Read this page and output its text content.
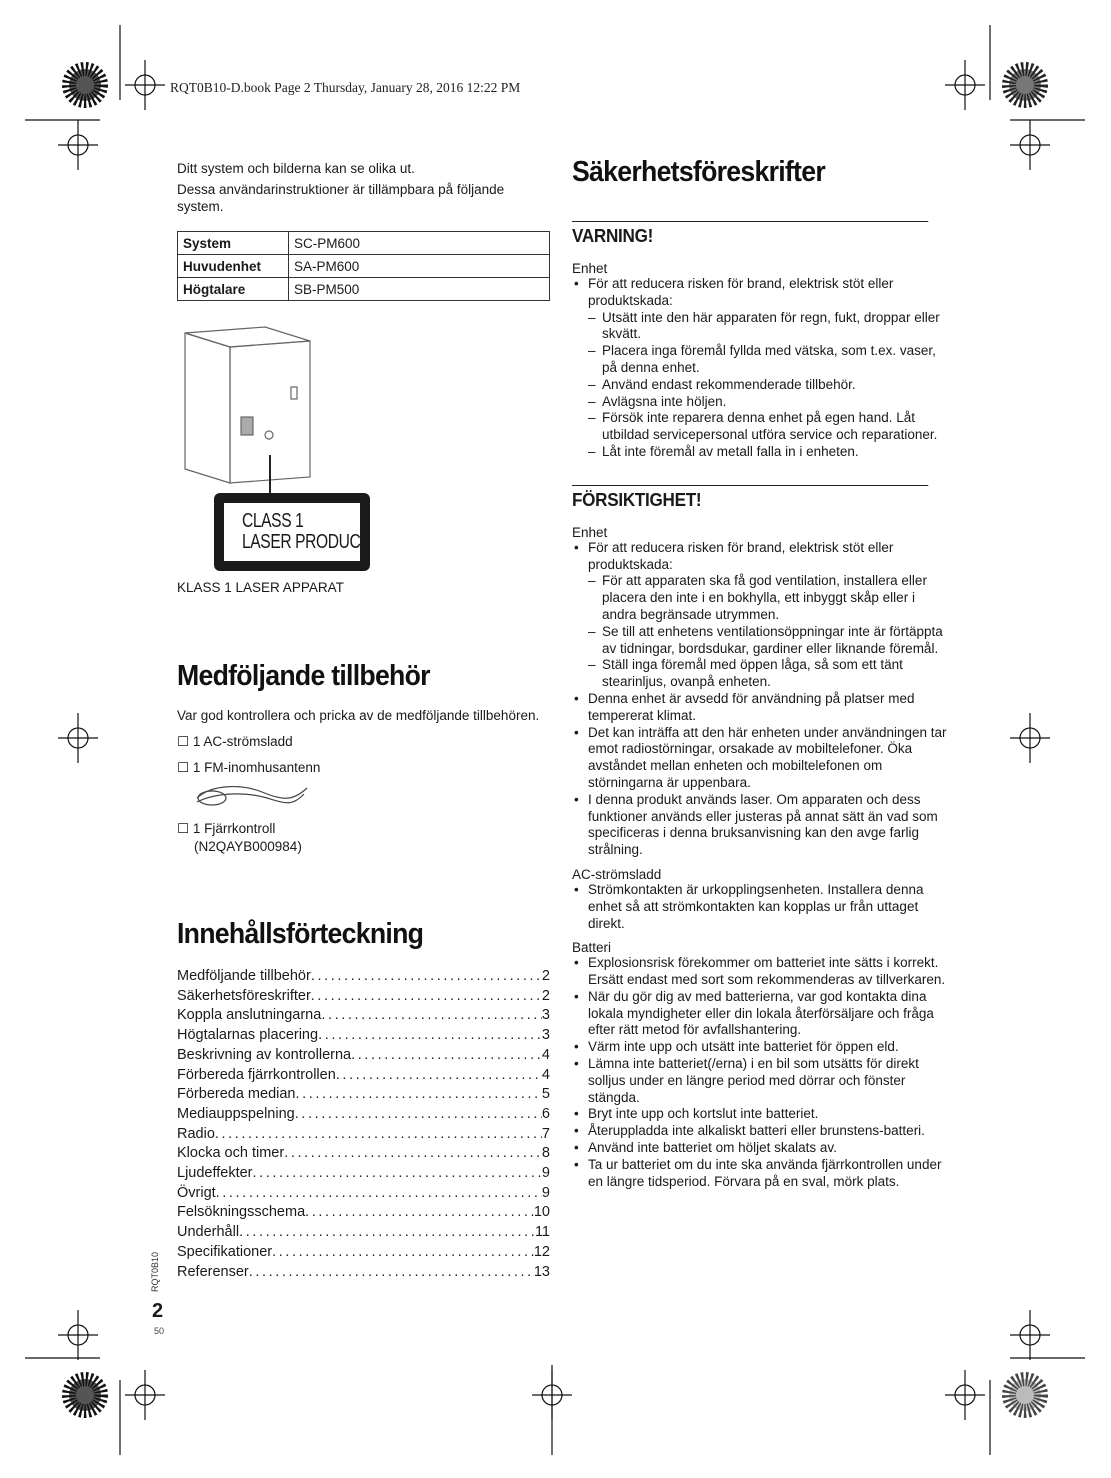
RQT0B10-D.book Page 2 Thursday, January 28, 2016 12:22 PM

Ditt system och bilderna kan se olika ut.

Dessa användarinstruktioner är tillämpbara på följande system.

System	SC-PM600
Huvudenhet	SA-PM600
Högtalare	SB-PM500
CLASS 1
LASER PRODUCT

KLASS 1 LASER APPARAT

Medföljande tillbehör

Var god kontrollera och pricka av de medföljande tillbehören.

☐ 1 AC-strömsladd

☐ 1 FM-inomhusantenn

☐ 1 Fjärrkontroll

(N2QAYB000984)

Innehållsförteckning
Medföljande tillbehör .....	2
Säkerhetsföreskrifter .....	2
Koppla anslutningarna .....	3
Högtalarnas placering .....	3
Beskrivning av kontrollerna .....	4
Förbereda fjärrkontrollen .....	4
Förbereda median .....	5
Mediauppspelning .....	6
Radio .....	7
Klocka och timer .....	8
Ljudeffekter .....	9
Övrigt .....	9
Felsökningsschema .....	10
Underhåll .....	11
Specifikationer .....	12
Referenser .....	13
RQT0B10
2
50
Säkerhetsföreskrifter
VARNING!

Enhet

• För att reducera risken för brand, elektrisk stöt eller produktskada:

– Utsätt inte den här apparaten för regn, fukt, droppar eller skvätt.

– Placera inga föremål fyllda med vätska, som t.ex. vaser, på denna enhet.

– Använd endast rekommenderade tillbehör.

– Avlägsna inte höljen.

– Försök inte reparera denna enhet på egen hand. Låt utbildad servicepersonal utföra service och reparationer.

– Låt inte föremål av metall falla in i enheten.

FÖRSIKTIGHET!

Enhet

• För att reducera risken för brand, elektrisk stöt eller produktskada:

– För att apparaten ska få god ventilation, installera eller placera den inte i en bokhylla, ett inbyggt skåp eller i andra begränsade utrymmen.

– Se till att enhetens ventilationsöppningar inte är förtäppta av tidningar, bordsdukar, gardiner eller liknande föremål.

– Ställ inga föremål med öppen låga, så som ett tänt stearinljus, ovanpå enheten.

• Denna enhet är avsedd för användning på platser med tempererat klimat.

• Det kan inträffa att den här enheten under användningen tar emot radiostörningar, orsakade av mobiltelefoner. Öka avståndet mellan enheten och mobiltelefonen om störningarna är uppenbara.

• I denna produkt används laser. Om apparaten och dess funktioner används eller justeras på annat sätt än vad som specificeras i denna bruksanvisning kan den avge farlig strålning.

AC-strömsladd

• Strömkontakten är urkopplingsenheten. Installera denna enhet så att strömkontakten kan kopplas ur från uttaget direkt.

Batteri

• Explosionsrisk förekommer om batteriet inte sätts i korrekt. Ersätt endast med sort som rekommenderas av tillverkaren.

• När du gör dig av med batterierna, var god kontakta dina lokala myndigheter eller din lokala återförsäljare och fråga efter rätt metod för avfallshantering.

• Värm inte upp och utsätt inte batteriet för öppen eld.

• Lämna inte batteriet(/erna) i en bil som utsätts för direkt solljus under en längre period med dörrar och fönster stängda.

• Bryt inte upp och kortslut inte batteriet.

• Återuppladda inte alkaliskt batteri eller brunstens-batteri.

• Använd inte batteriet om höljet skalats av.

• Ta ur batteriet om du inte ska använda fjärrkontrollen under en längre tidsperiod. Förvara på en sval, mörk plats.
